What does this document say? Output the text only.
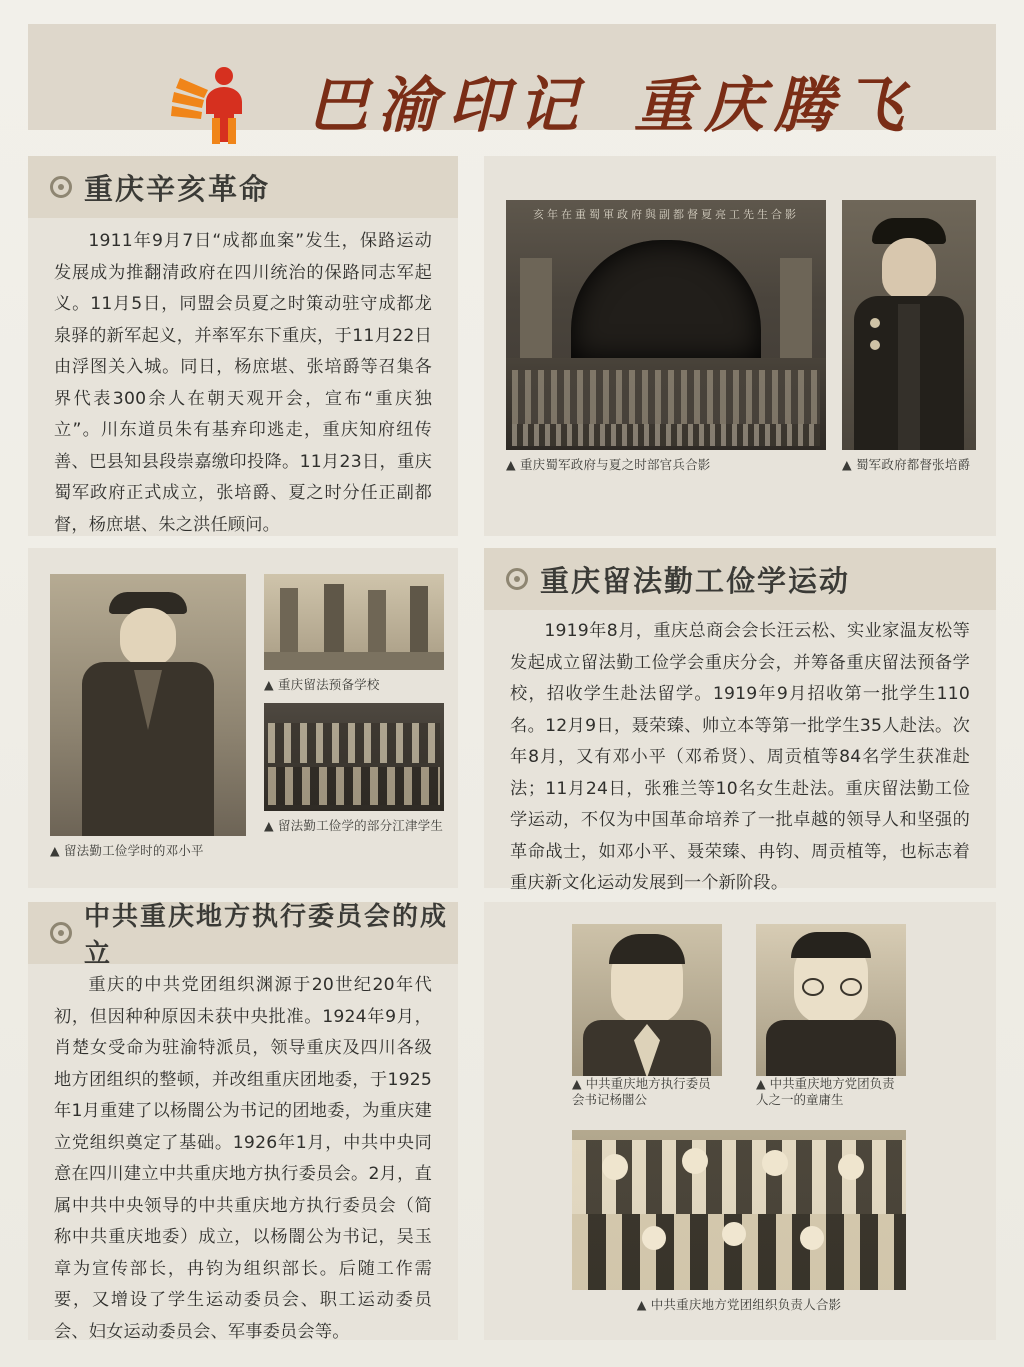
巴渝印记 重庆腾飞
重庆辛亥革命
1911年9月7日“成都血案”发生，保路运动发展成为推翻清政府在四川统治的保路同志军起义。11月5日，同盟会员夏之时策动驻守成都龙泉驿的新军起义，并率军东下重庆，于11月22日由浮图关入城。同日，杨庶堪、张培爵等召集各界代表300余人在朝天观开会，宣布“重庆独立”。川东道员朱有基弃印逃走，重庆知府纽传善、巴县知县段崇嘉缴印投降。11月23日，重庆蜀军政府正式成立，张培爵、夏之时分任正副都督，杨庶堪、朱之洪任顾问。
亥年在重蜀軍政府與副都督夏亮工先生合影
▲ 重庆蜀军政府与夏之时部官兵合影	▲ 蜀军政府都督张培爵
▲ 留法勤工俭学时的邓小平
▲ 重庆留法预备学校
▲ 留法勤工俭学的部分江津学生
重庆留法勤工俭学运动
1919年8月，重庆总商会会长汪云松、实业家温友松等发起成立留法勤工俭学会重庆分会，并筹备重庆留法预备学校，招收学生赴法留学。1919年9月招收第一批学生110名。12月9日，聂荣臻、帅立本等第一批学生35人赴法。次年8月，又有邓小平（邓希贤）、周贡植等84名学生获准赴法；11月24日，张雅兰等10名女生赴法。重庆留法勤工俭学运动，不仅为中国革命培养了一批卓越的领导人和坚强的革命战士，如邓小平、聂荣臻、冉钧、周贡植等，也标志着重庆新文化运动发展到一个新阶段。
中共重庆地方执行委员会的成立
重庆的中共党团组织渊源于20世纪20年代初，但因种种原因未获中央批准。1924年9月，肖楚女受命为驻渝特派员，领导重庆及四川各级地方团组织的整顿，并改组重庆团地委，于1925年1月重建了以杨闇公为书记的团地委，为重庆建立党组织奠定了基础。1926年1月，中共中央同意在四川建立中共重庆地方执行委员会。2月，直属中共中央领导的中共重庆地方执行委员会（简称中共重庆地委）成立，以杨闇公为书记，吴玉章为宣传部长，冉钧为组织部长。后随工作需要，又增设了学生运动委员会、职工运动委员会、妇女运动委员会、军事委员会等。
▲ 中共重庆地方执行委员
会书记杨闇公
▲ 中共重庆地方党团负责
人之一的童庸生
▲ 中共重庆地方党团组织负责人合影
